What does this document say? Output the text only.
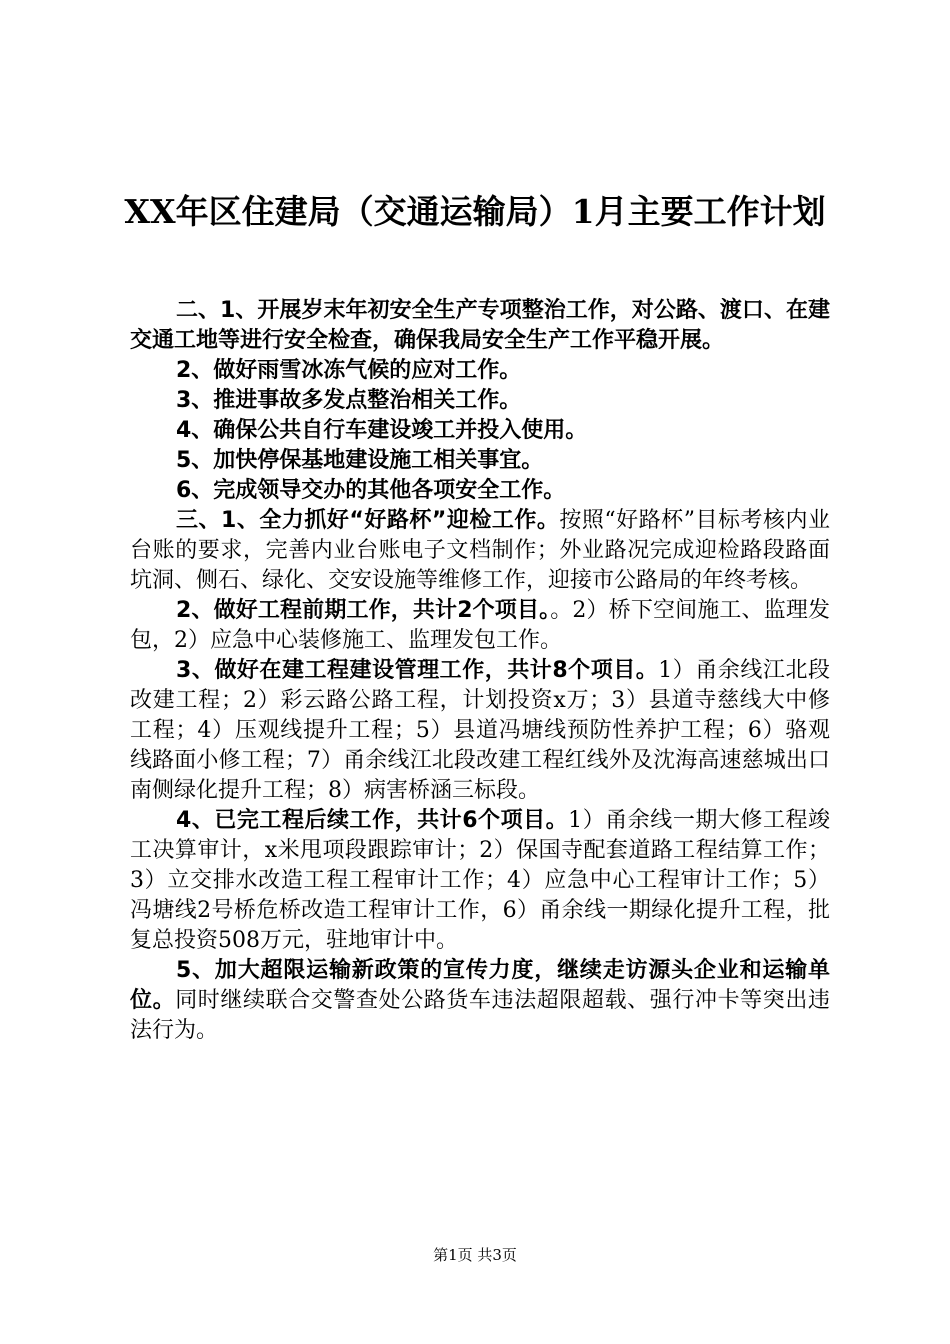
XX年区住建局（交通运输局）1月主要工作计划

二、1、开展岁末年初安全生产专项整治工作，对公路、渡口、在建交通工地等进行安全检查，确保我局安全生产工作平稳开展。

2、做好雨雪冰冻气候的应对工作。

3、推进事故多发点整治相关工作。

4、确保公共自行车建设竣工并投入使用。

5、加快停保基地建设施工相关事宜。

6、完成领导交办的其他各项安全工作。

三、1、全力抓好“好路杯”迎检工作。按照“好路杯”目标考核内业台账的要求，完善内业台账电子文档制作；外业路况完成迎检路段路面坑洞、侧石、绿化、交安设施等维修工作，迎接市公路局的年终考核。

2、做好工程前期工作，共计2个项目。。2）桥下空间施工、监理发包，2）应急中心装修施工、监理发包工作。

3、做好在建工程建设管理工作，共计8个项目。1）甬余线江北段改建工程；2）彩云路公路工程，计划投资x万；3）县道寺慈线大中修工程；4）压观线提升工程；5）县道冯塘线预防性养护工程；6）骆观线路面小修工程；7）甬余线江北段改建工程红线外及沈海高速慈城出口南侧绿化提升工程；8）病害桥涵三标段。

4、已完工程后续工作，共计6个项目。1）甬余线一期大修工程竣工决算审计，x米甩项段跟踪审计；2）保国寺配套道路工程结算工作；3）立交排水改造工程工程审计工作；4）应急中心工程审计工作；5）冯塘线2号桥危桥改造工程审计工作，6）甬余线一期绿化提升工程，批复总投资508万元，驻地审计中。

5、加大超限运输新政策的宣传力度，继续走访源头企业和运输单位。同时继续联合交警查处公路货车违法超限超载、强行冲卡等突出违法行为。

第1页 共3页
